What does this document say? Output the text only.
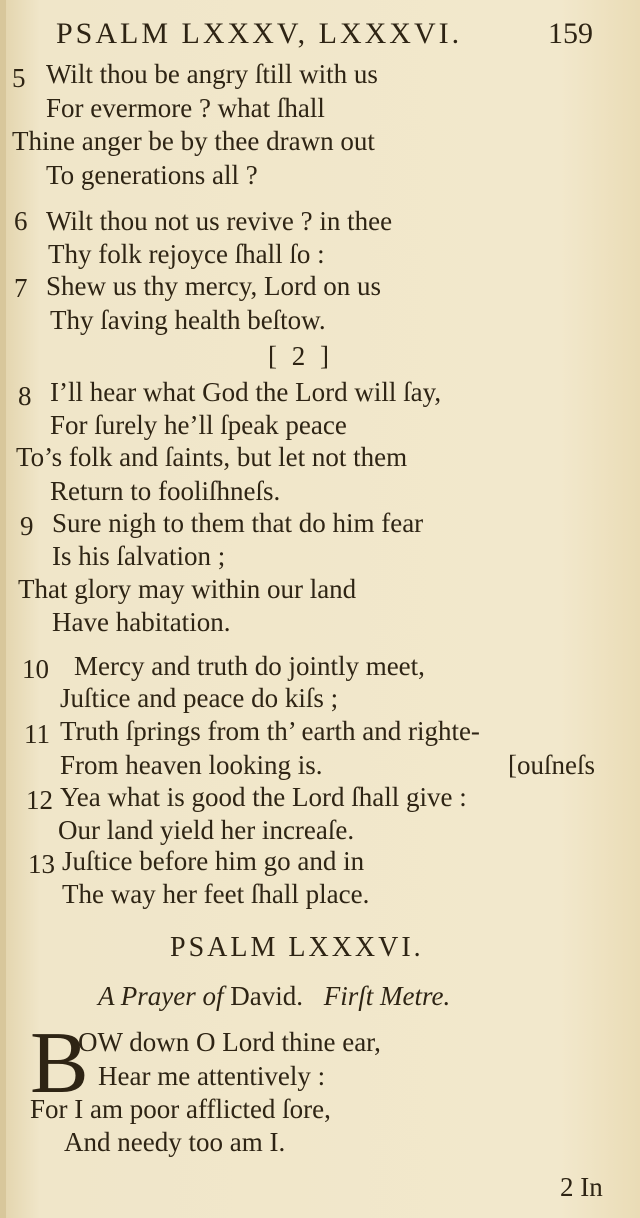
PSALM LXXXV, LXXXVI.	159
5 Wilt thou be angry ſtill with us
For evermore ? what ſhall
Thine anger be by thee drawn out
To generations all ?
6 Wilt thou not us revive ? in thee
Thy folk rejoyce ſhall ſo :
7 Shew us thy mercy, Lord on us
Thy ſaving health beſtow.
[ 2 ]
8 I’ll hear what God the Lord will ſay,
For ſurely he’ll ſpeak peace
To’s folk and ſaints, but let not them
Return to fooliſhneſs.
9 Sure nigh to them that do him fear
Is his ſalvation ;
That glory may within our land
Have habitation.
10 Mercy and truth do jointly meet,
Juſtice and peace do kiſs ;
11 Truth ſprings from th’ earth and righte-
From heaven looking is.	[ouſneſs
12 Yea what is good the Lord ſhall give :
Our land yield her increaſe.
13 Juſtice before him go and in
The way her feet ſhall place.
PSALM LXXXVI.
A Prayer of David. Firſt Metre.
B
OW down O Lord thine ear,
Hear me attentively :
For I am poor afflicted ſore,
And needy too am I.
2 In
